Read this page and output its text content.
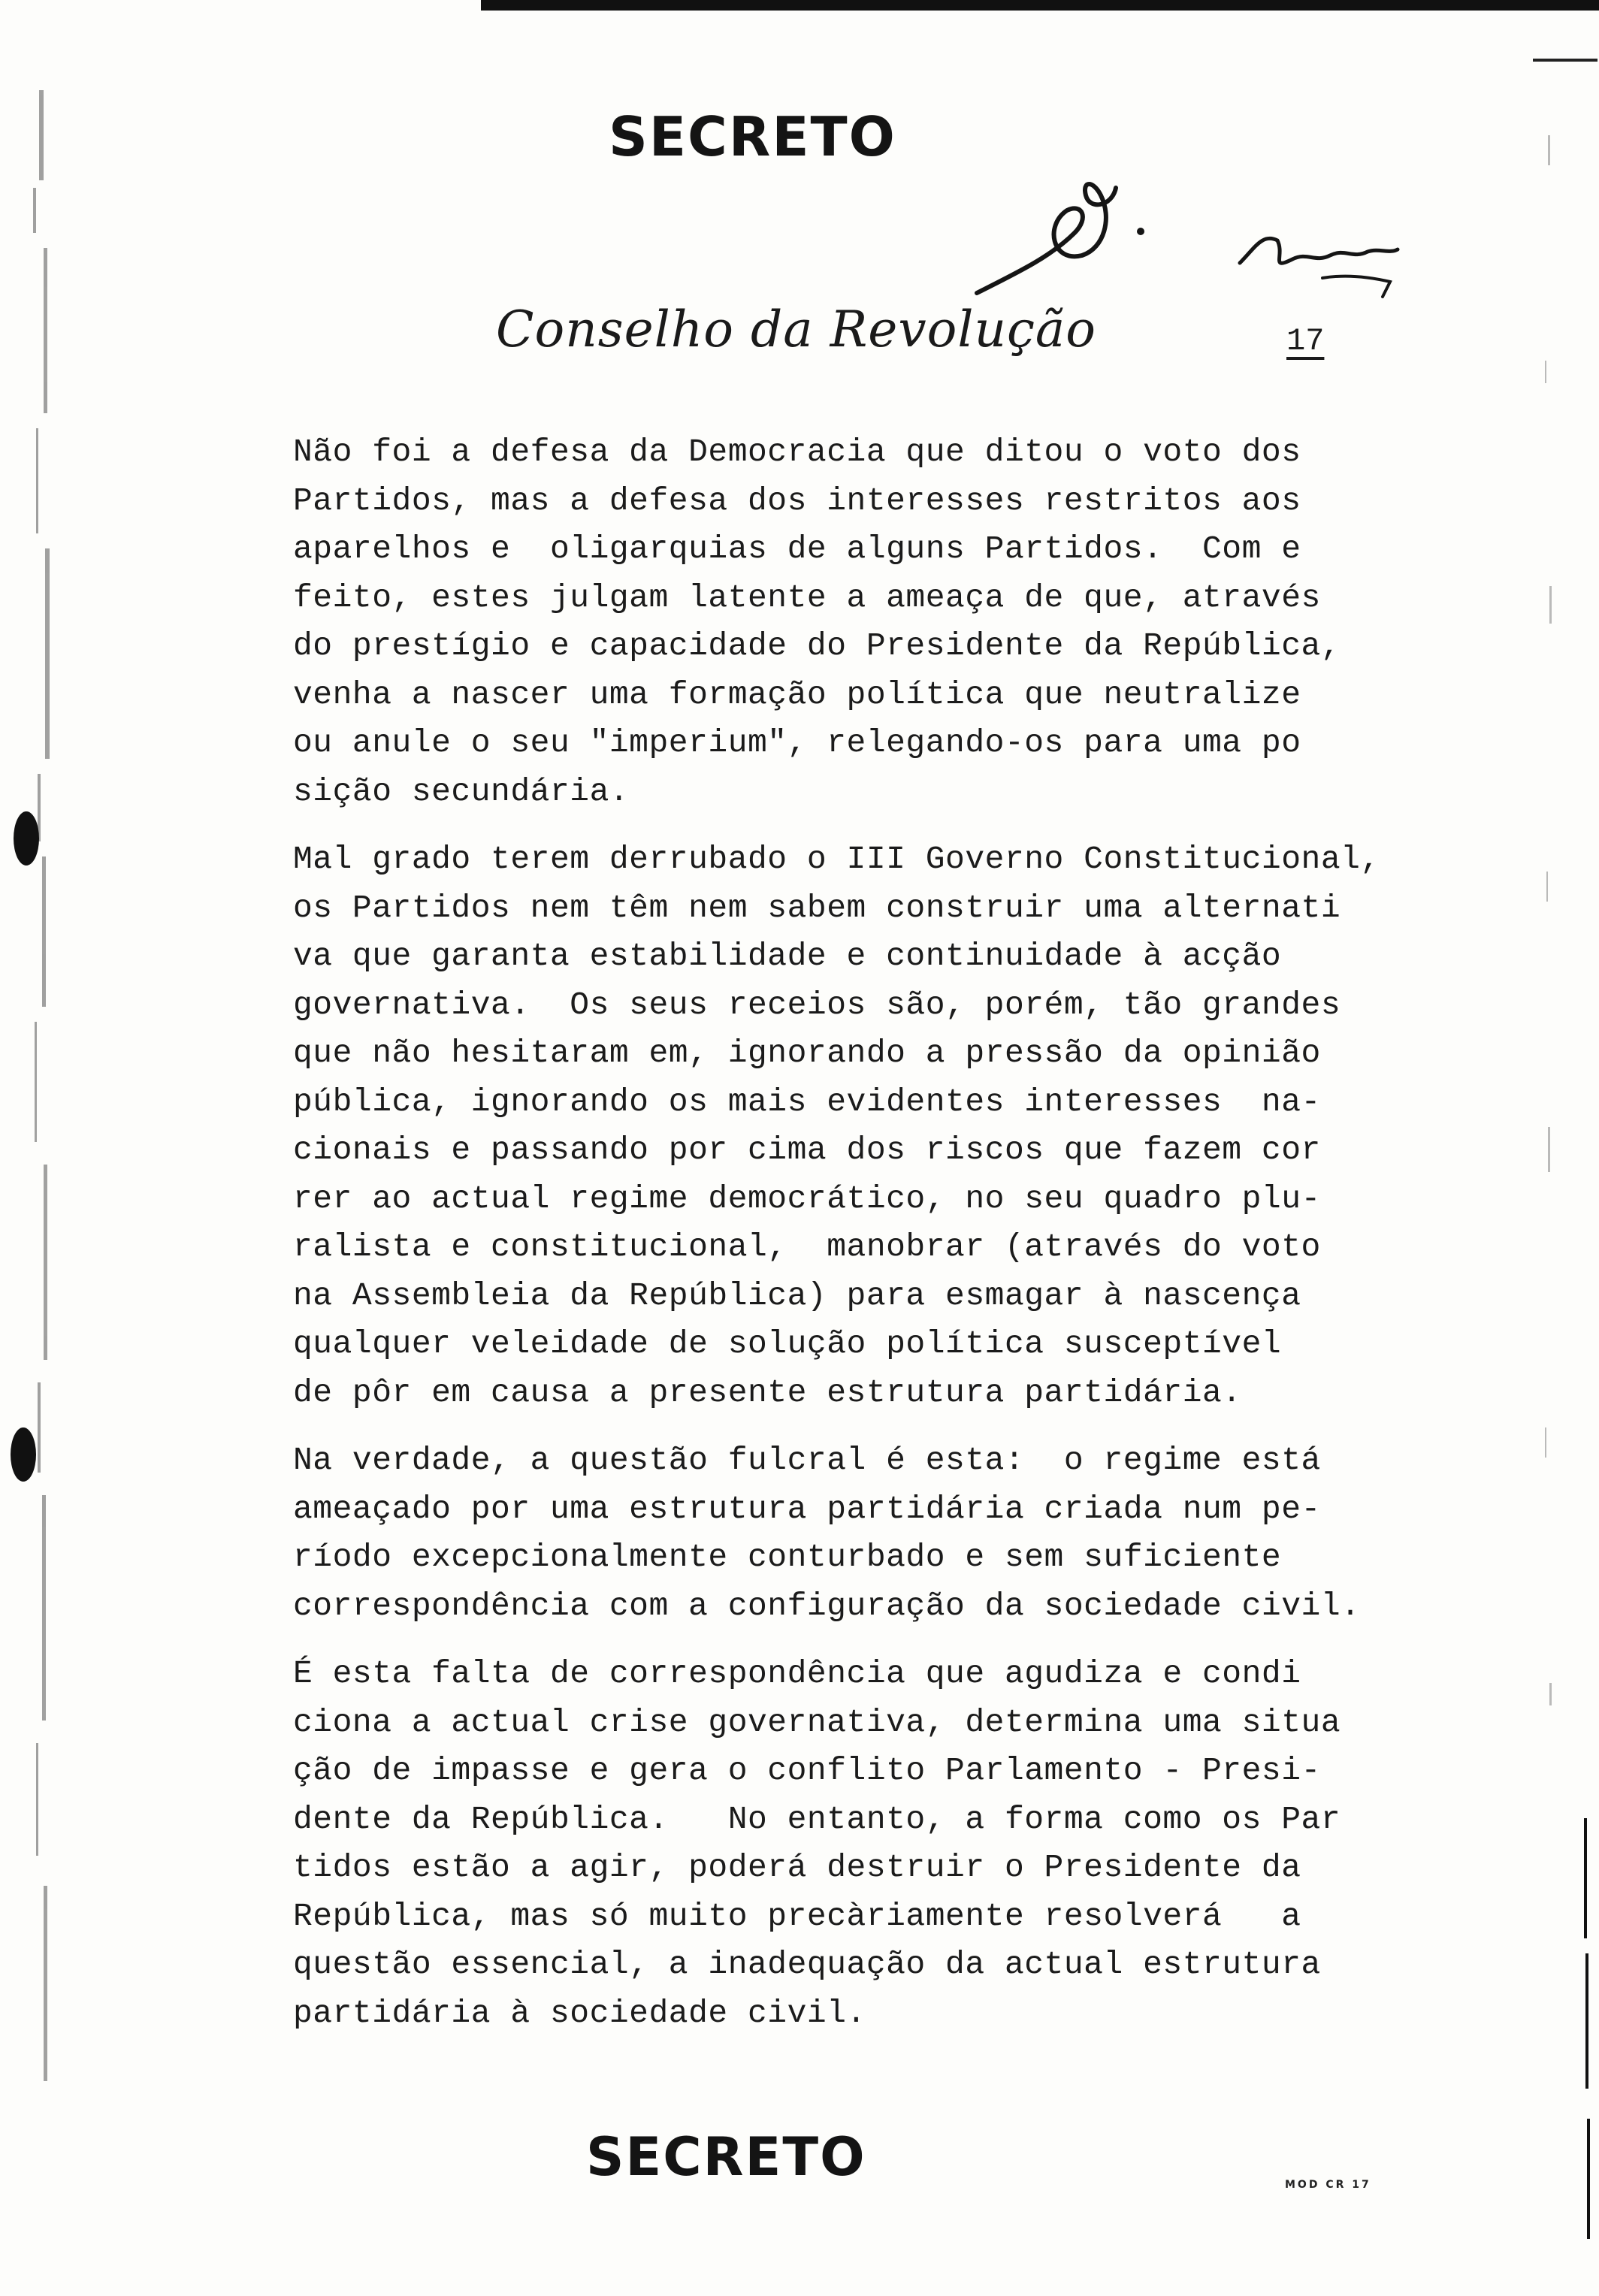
SECRETO
Conselho da Revolução	17

Não foi a defesa da Democracia que ditou o voto dos
Partidos, mas a defesa dos interesses restritos aos
aparelhos e  oligarquias de alguns Partidos.  Com e
feito, estes julgam latente a ameaça de que, através
do prestígio e capacidade do Presidente da República,
venha a nascer uma formação política que neutralize
ou anule o seu "imperium", relegando-os para uma po
sição secundária.

Mal grado terem derrubado o III Governo Constitucional,
os Partidos nem têm nem sabem construir uma alternati
va que garanta estabilidade e continuidade à acção
governativa.  Os seus receios são, porém, tão grandes
que não hesitaram em, ignorando a pressão da opinião
pública, ignorando os mais evidentes interesses  na-
cionais e passando por cima dos riscos que fazem cor
rer ao actual regime democrático, no seu quadro plu-
ralista e constitucional,  manobrar (através do voto
na Assembleia da República) para esmagar à nascença
qualquer veleidade de solução política susceptível
de pôr em causa a presente estrutura partidária.

Na verdade, a questão fulcral é esta:  o regime está
ameaçado por uma estrutura partidária criada num pe-
ríodo excepcionalmente conturbado e sem suficiente
correspondência com a configuração da sociedade civil.

É esta falta de correspondência que agudiza e condi
ciona a actual crise governativa, determina uma situa
ção de impasse e gera o conflito Parlamento - Presi-
dente da República.   No entanto, a forma como os Par
tidos estão a agir, poderá destruir o Presidente da
República, mas só muito precàriamente resolverá   a
questão essencial, a inadequação da actual estrutura
partidária à sociedade civil.

SECRETO	MOD CR 17
